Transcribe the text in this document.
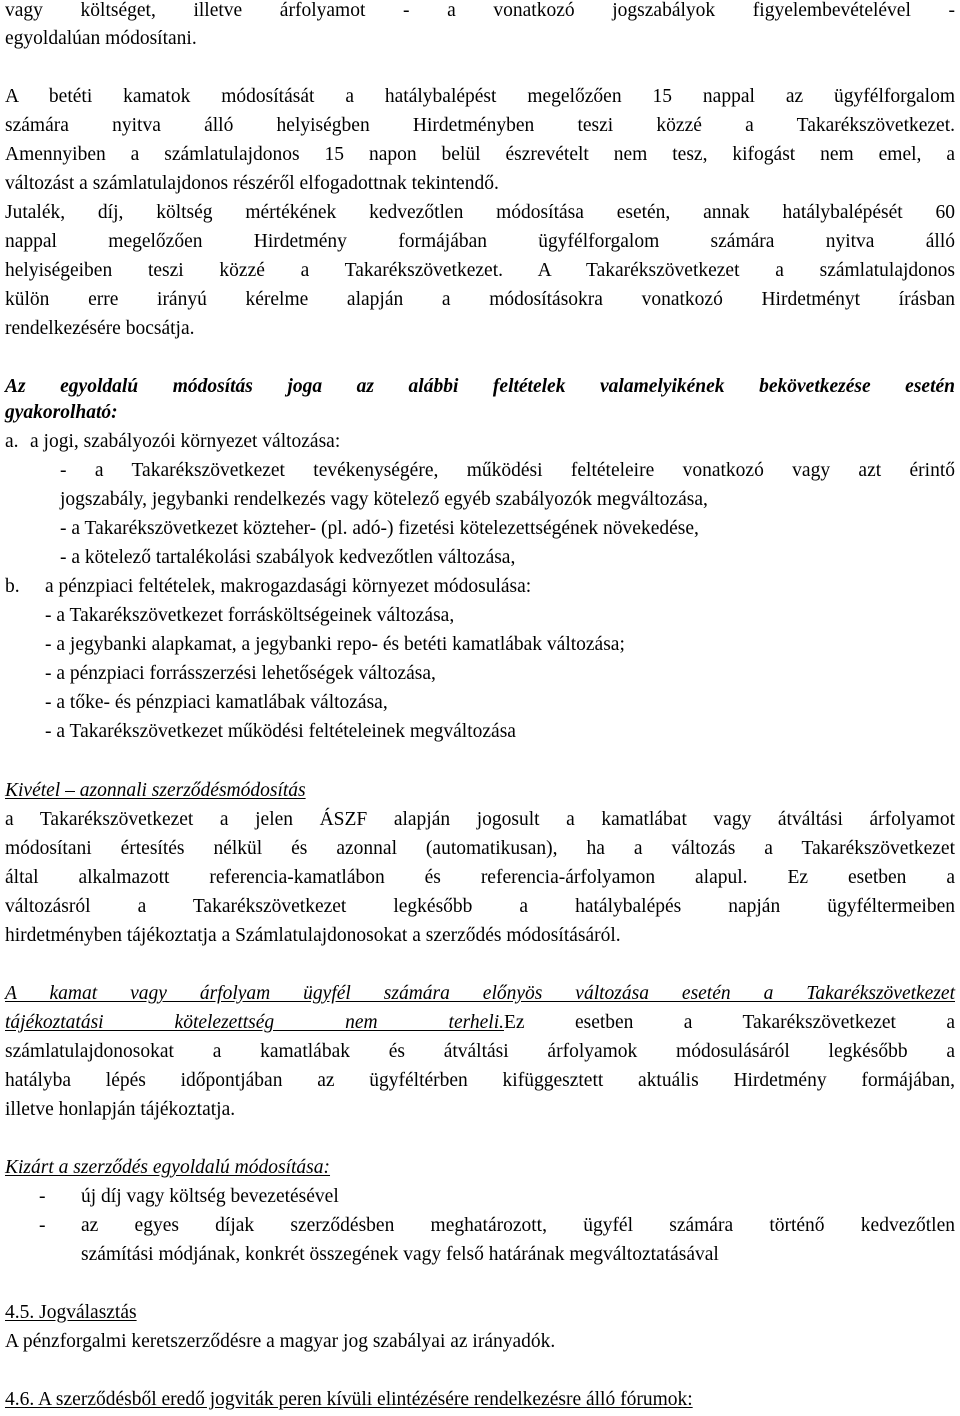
vagy költséget, illetve árfolyamot - a vonatkozó jogszabályok figyelembevételével -
egyoldalúan módosítani.
A betéti kamatok módosítását a hatálybalépést megelőzően 15 nappal az ügyfélforgalom
számára nyitva álló helyiségben Hirdetményben teszi közzé a Takarékszövetkezet.
Amennyiben a számlatulajdonos 15 napon belül észrevételt nem tesz, kifogást nem emel, a
változást a számlatulajdonos részéről elfogadottnak tekintendő.
Jutalék, díj, költség mértékének kedvezőtlen módosítása esetén, annak hatálybalépését 60
nappal megelőzően Hirdetmény formájában ügyfélforgalom számára nyitva álló
helyiségeiben teszi közzé a Takarékszövetkezet. A Takarékszövetkezet a számlatulajdonos
külön erre irányú kérelme alapján a módosításokra vonatkozó Hirdetményt írásban
rendelkezésére bocsátja.
Az egyoldalú módosítás joga az alábbi feltételek valamelyikének bekövetkezése esetén
gyakorolható:
a. a jogi, szabályozói környezet változása:
- a Takarékszövetkezet tevékenységére, működési feltételeire vonatkozó vagy azt érintő
jogszabály, jegybanki rendelkezés vagy kötelező egyéb szabályozók megváltozása,
- a Takarékszövetkezet közteher- (pl. adó-) fizetési kötelezettségének növekedése,
- a kötelező tartalékolási szabályok kedvezőtlen változása,
b. a pénzpiaci feltételek, makrogazdasági környezet módosulása:
- a Takarékszövetkezet forrásköltségeinek változása,
- a jegybanki alapkamat, a jegybanki repo- és betéti kamatlábak változása;
- a pénzpiaci forrásszerzési lehetőségek változása,
- a tőke- és pénzpiaci kamatlábak változása,
- a Takarékszövetkezet működési feltételeinek megváltozása
Kivétel – azonnali szerződésmódosítás
a Takarékszövetkezet a jelen ÁSZF alapján jogosult a kamatlábat vagy átváltási árfolyamot
módosítani értesítés nélkül és azonnal (automatikusan), ha a változás a Takarékszövetkezet
által alkalmazott referencia-kamatlábon és referencia-árfolyamon alapul. Ez esetben a
változásról a Takarékszövetkezet legkésőbb a hatálybalépés napján ügyféltermeiben
hirdetményben tájékoztatja a Számlatulajdonosokat a szerződés módosításáról.
A kamat vagy árfolyam ügyfél számára előnyös változása esetén a Takarékszövetkezet
tájékoztatási kötelezettség nem terheli. Ez esetben a Takarékszövetkezet a
számlatulajdonosokat a kamatlábak és átváltási árfolyamok módosulásáról legkésőbb a
hatályba lépés időpontjában az ügyféltérben kifüggesztett aktuális Hirdetmény formájában,
illetve honlapján tájékoztatja.
Kizárt a szerződés egyoldalú módosítása:
- új díj vagy költség bevezetésével
- az egyes díjak szerződésben meghatározott, ügyfél számára történő kedvezőtlen
számítási módjának, konkrét összegének vagy felső határának megváltoztatásával
4.5. Jogválasztás
A pénzforgalmi keretszerződésre a magyar jog szabályai az irányadók.
4.6. A szerződésből eredő jogviták peren kívüli elintézésére rendelkezésre álló fórumok:
